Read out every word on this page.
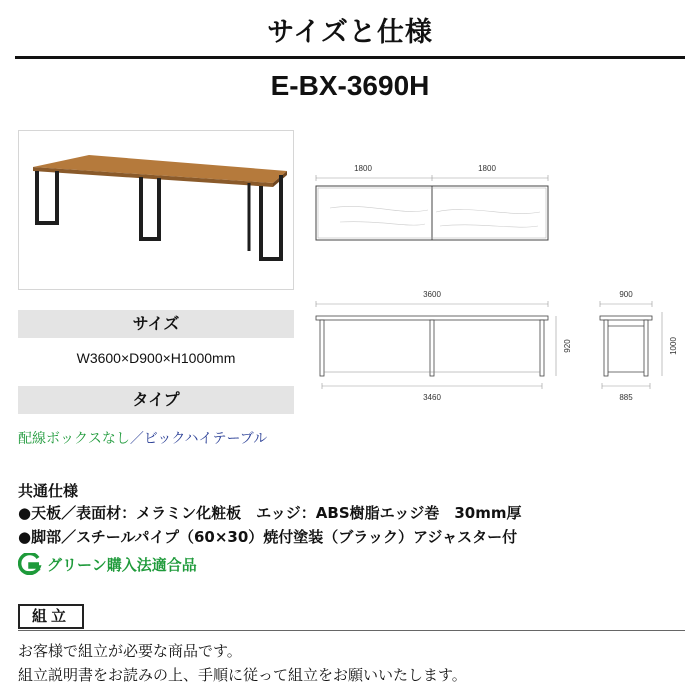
サイズと仕様
E-BX-3690H
1800	1800
3600
920
3460
900
1000
885
サイズ
W3600×D900×H1000mm
タイプ
配線ボックスなし／ビックハイテーブル
共通仕様
●天板／表面材：メラミン化粧板　エッジ：ABS樹脂エッジ巻　30mm厚
●脚部／スチールパイプ（60×30）焼付塗装（ブラック）アジャスター付
グリーン購入法適合品
組立
お客様で組立が必要な商品です。
組立説明書をお読みの上、手順に従って組立をお願いいたします。
